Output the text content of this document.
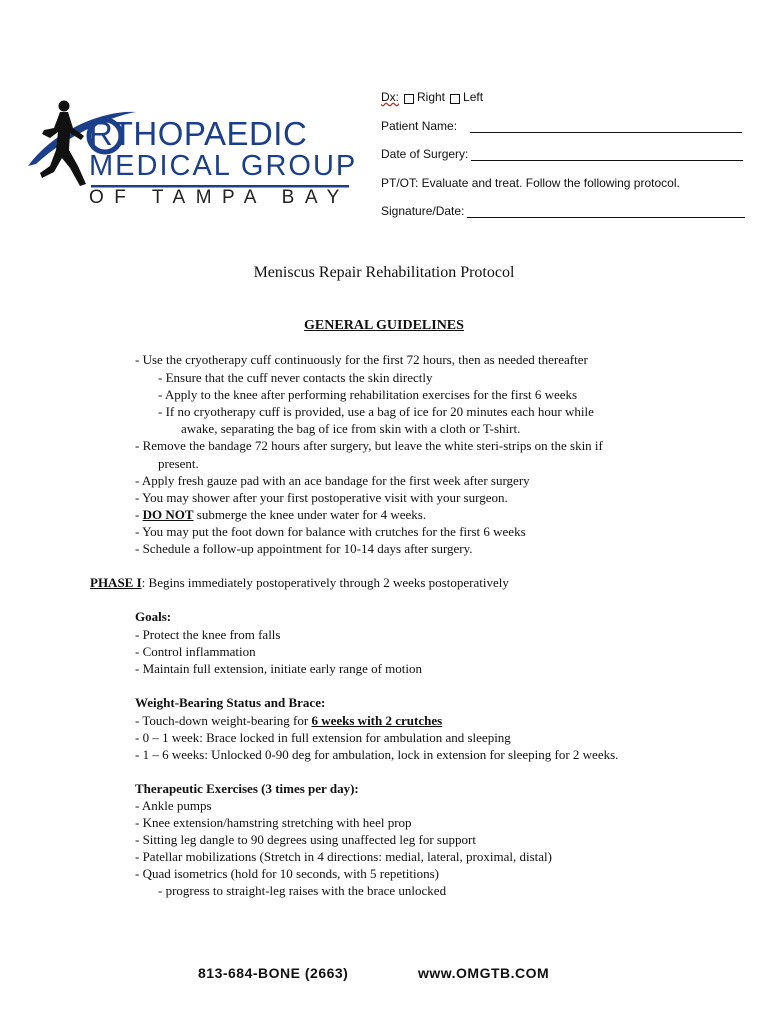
RTHOPAEDIC
MEDICAL GROUP
OF TAMPA BAY
Dx: Right Left
Patient Name:
Date of Surgery:
PT/OT: Evaluate and treat. Follow the following protocol.
Signature/Date:
Meniscus Repair Rehabilitation Protocol
GENERAL GUIDELINES
- Use the cryotherapy cuff continuously for the first 72 hours, then as needed thereafter
- Ensure that the cuff never contacts the skin directly
- Apply to the knee after performing rehabilitation exercises for the first 6 weeks
- If no cryotherapy cuff is provided, use a bag of ice for 20 minutes each hour while
awake, separating the bag of ice from skin with a cloth or T-shirt.
- Remove the bandage 72 hours after surgery, but leave the white steri-strips on the skin if
present.
- Apply fresh gauze pad with an ace bandage for the first week after surgery
- You may shower after your first postoperative visit with your surgeon.
- DO NOT submerge the knee under water for 4 weeks.
- You may put the foot down for balance with crutches for the first 6 weeks
- Schedule a follow-up appointment for 10-14 days after surgery.
PHASE I: Begins immediately postoperatively through 2 weeks postoperatively
Goals:
- Protect the knee from falls
- Control inflammation
- Maintain full extension, initiate early range of motion
Weight-Bearing Status and Brace:
- Touch-down weight-bearing for 6 weeks with 2 crutches
- 0 – 1 week: Brace locked in full extension for ambulation and sleeping
- 1 – 6 weeks: Unlocked 0-90 deg for ambulation, lock in extension for sleeping for 2 weeks.
Therapeutic Exercises (3 times per day):
- Ankle pumps
- Knee extension/hamstring stretching with heel prop
- Sitting leg dangle to 90 degrees using unaffected leg for support
- Patellar mobilizations (Stretch in 4 directions: medial, lateral, proximal, distal)
- Quad isometrics (hold for 10 seconds, with 5 repetitions)
- progress to straight-leg raises with the brace unlocked
813-684-BONE (2663)	www.OMGTB.COM
